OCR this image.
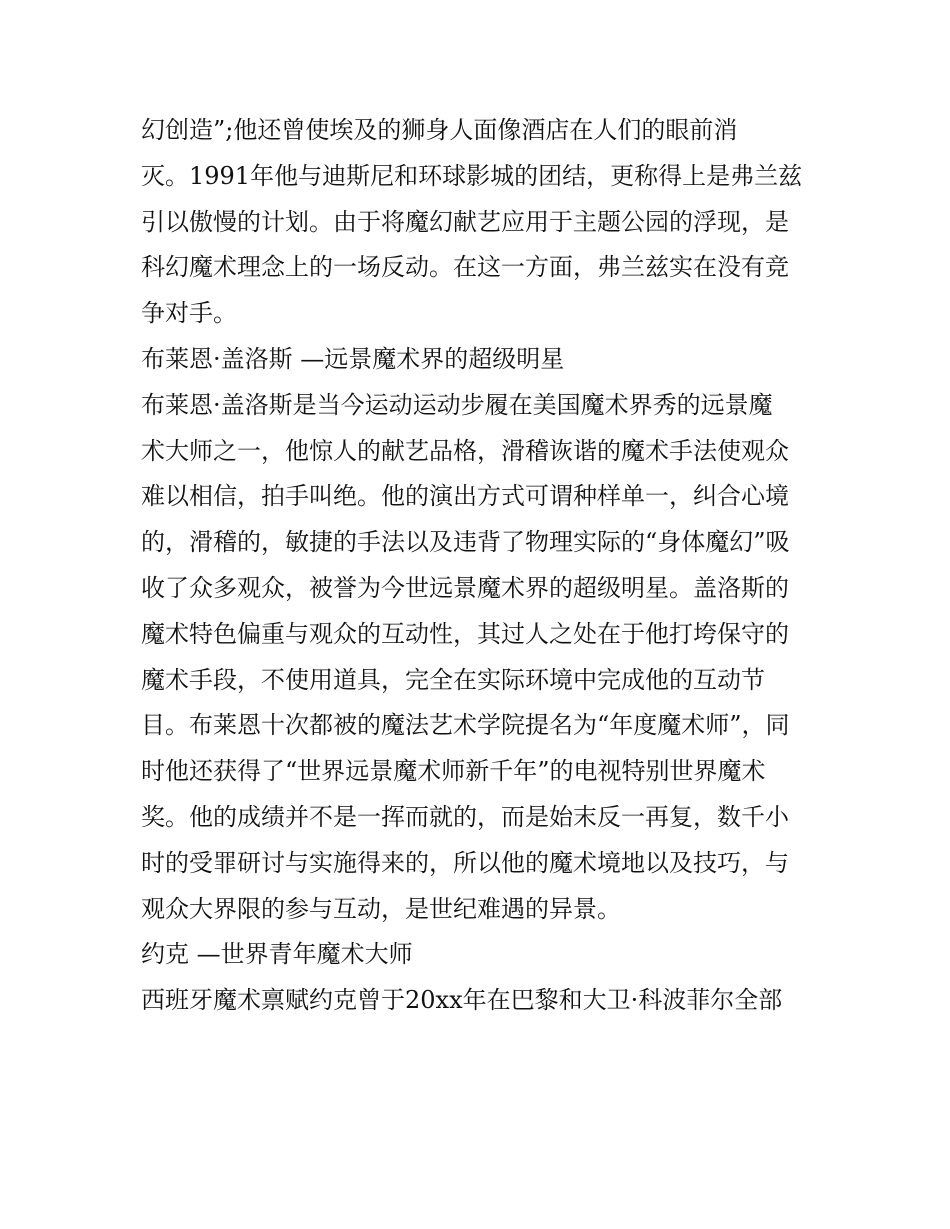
幻创造”;他还曾使埃及的狮身人面像酒店在人们的眼前消
灭。1991年他与迪斯尼和环球影城的团结，更称得上是弗兰兹
引以傲慢的计划。由于将魔幻献艺应用于主题公园的浮现，是
科幻魔术理念上的一场反动。在这一方面，弗兰兹实在没有竞
争对手。
布莱恩·盖洛斯 —远景魔术界的超级明星
布莱恩·盖洛斯是当今运动运动步履在美国魔术界秀的远景魔
术大师之一，他惊人的献艺品格，滑稽诙谐的魔术手法使观众
难以相信，拍手叫绝。他的演出方式可谓种样单一，纠合心境
的，滑稽的，敏捷的手法以及违背了物理实际的“身体魔幻”吸
收了众多观众，被誉为今世远景魔术界的超级明星。盖洛斯的
魔术特色偏重与观众的互动性，其过人之处在于他打垮保守的
魔术手段，不使用道具，完全在实际环境中完成他的互动节
目。布莱恩十次都被的魔法艺术学院提名为“年度魔术师”，同
时他还获得了“世界远景魔术师新千年”的电视特别世界魔术
奖。他的成绩并不是一挥而就的，而是始末反一再复，数千小
时的受罪研讨与实施得来的，所以他的魔术境地以及技巧，与
观众大界限的参与互动，是世纪难遇的异景。
约克 —世界青年魔术大师
西班牙魔术禀赋约克曾于20xx年在巴黎和大卫·科波菲尔全部
